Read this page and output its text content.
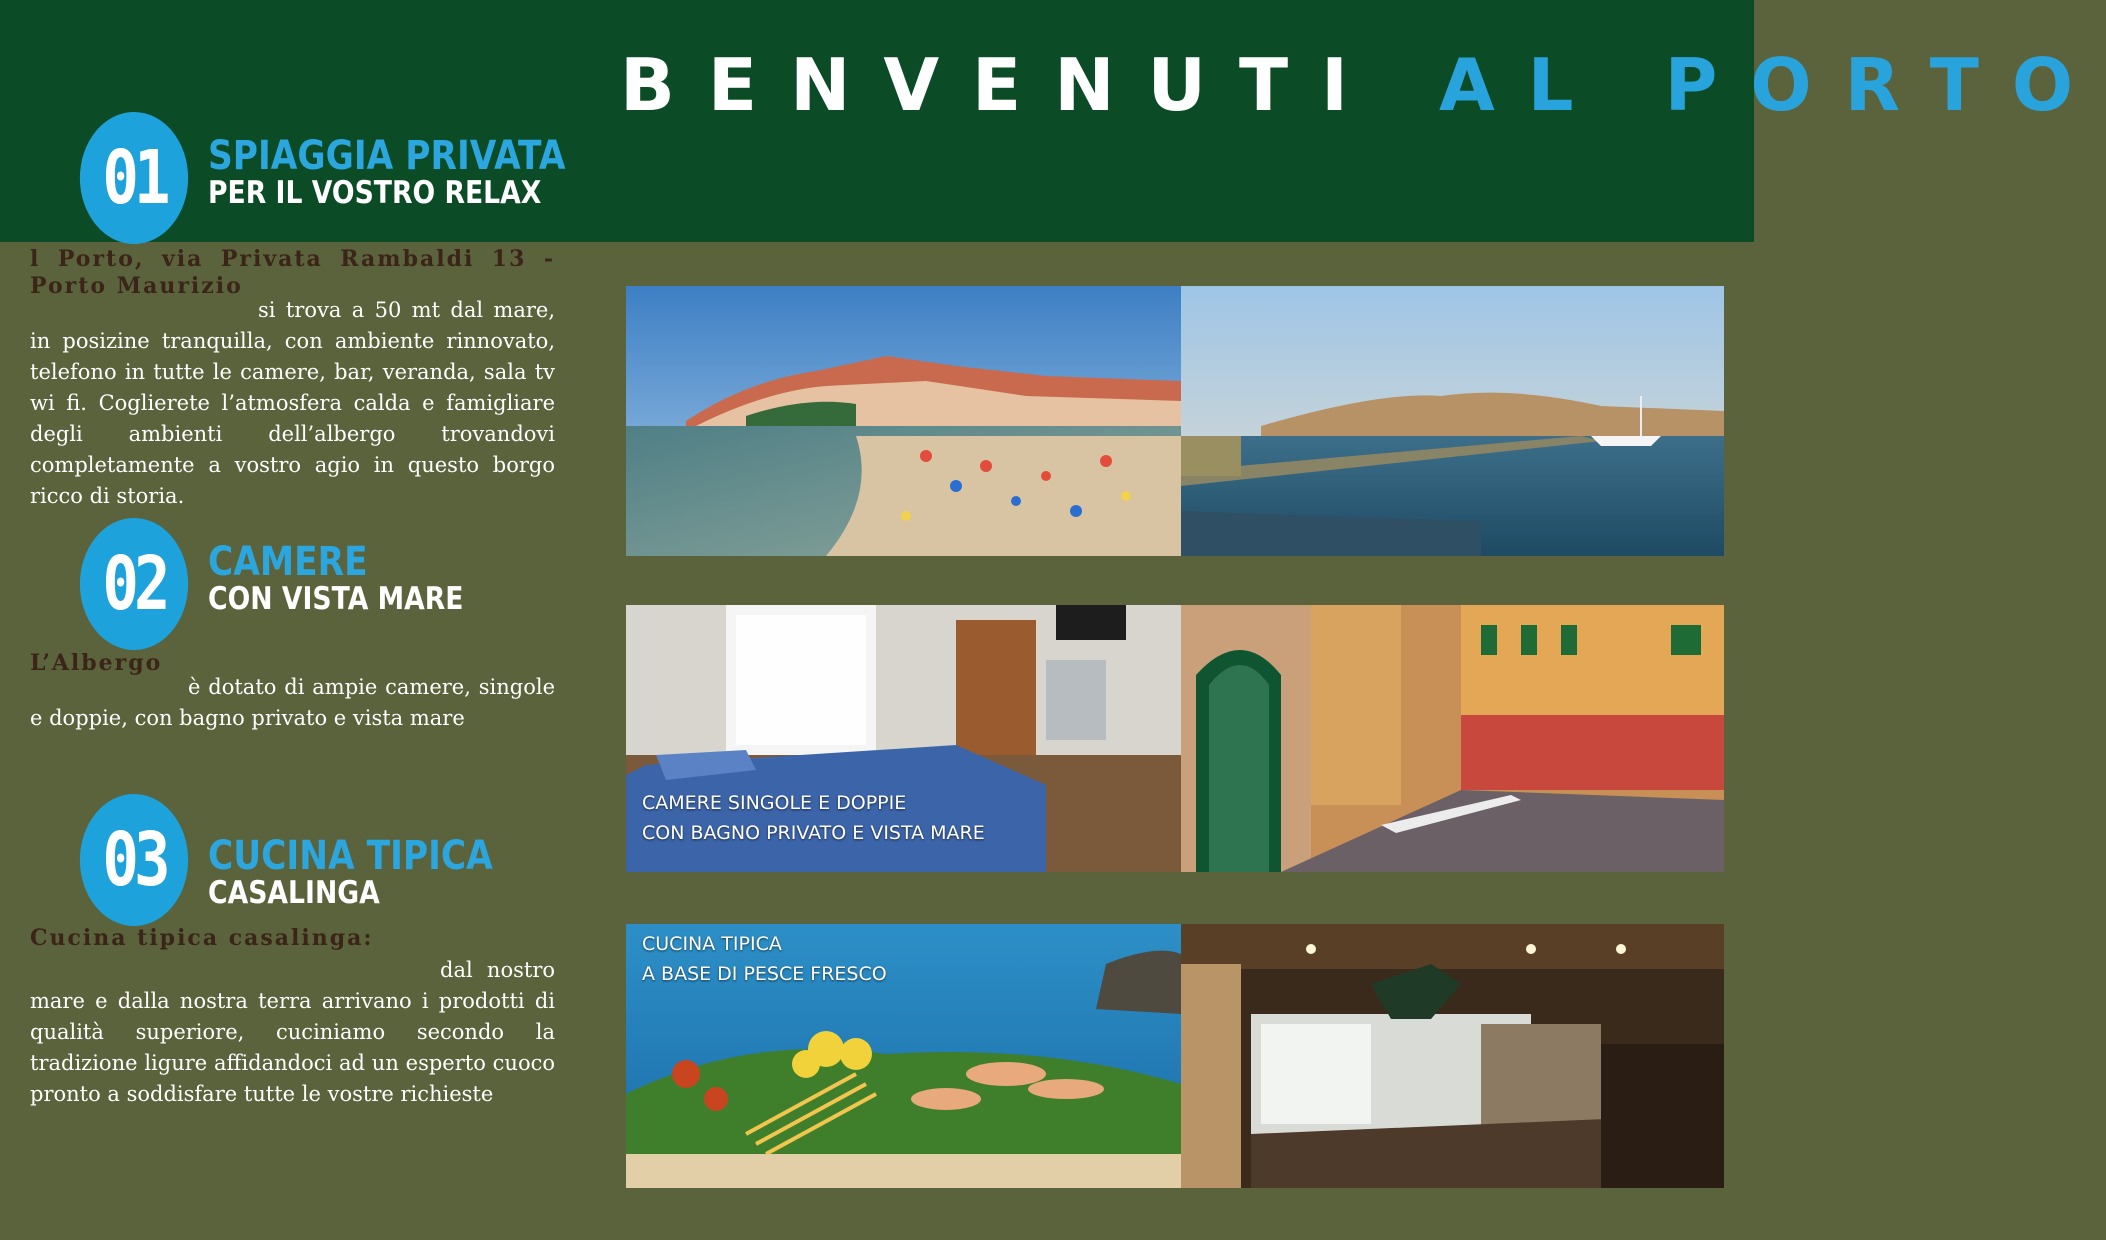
BENVENUTI AL PORTO
01	SPIAGGIA PRIVATA
PER IL VOSTRO RELAX
l Porto, via Privata Rambaldi 13 - Porto Maurizio
si trova a 50 mt dal mare, in posizine tranquilla, con ambiente rinnovato, telefono in tutte le camere, bar, veranda, sala tv wi fi. Coglierete l’atmosfera calda e famigliare degli ambienti dell’albergo trovandovi completamente a vostro agio in questo borgo ricco di storia.
02	CAMERE
CON VISTA MARE
L’Albergo
è dotato di ampie camere, singole e doppie, con bagno privato e vista mare
03	CUCINA TIPICA
CASALINGA
Cucina tipica casalinga:
dal nostro mare e dalla nostra terra arrivano i prodotti di qualità superiore, cuciniamo secondo la tradizione ligure affidandoci ad un esperto cuoco pronto a soddisfare tutte le vostre richieste
CAMERE SINGOLE E DOPPIE
CON BAGNO PRIVATO E VISTA MARE
CUCINA TIPICA
A BASE DI PESCE FRESCO
